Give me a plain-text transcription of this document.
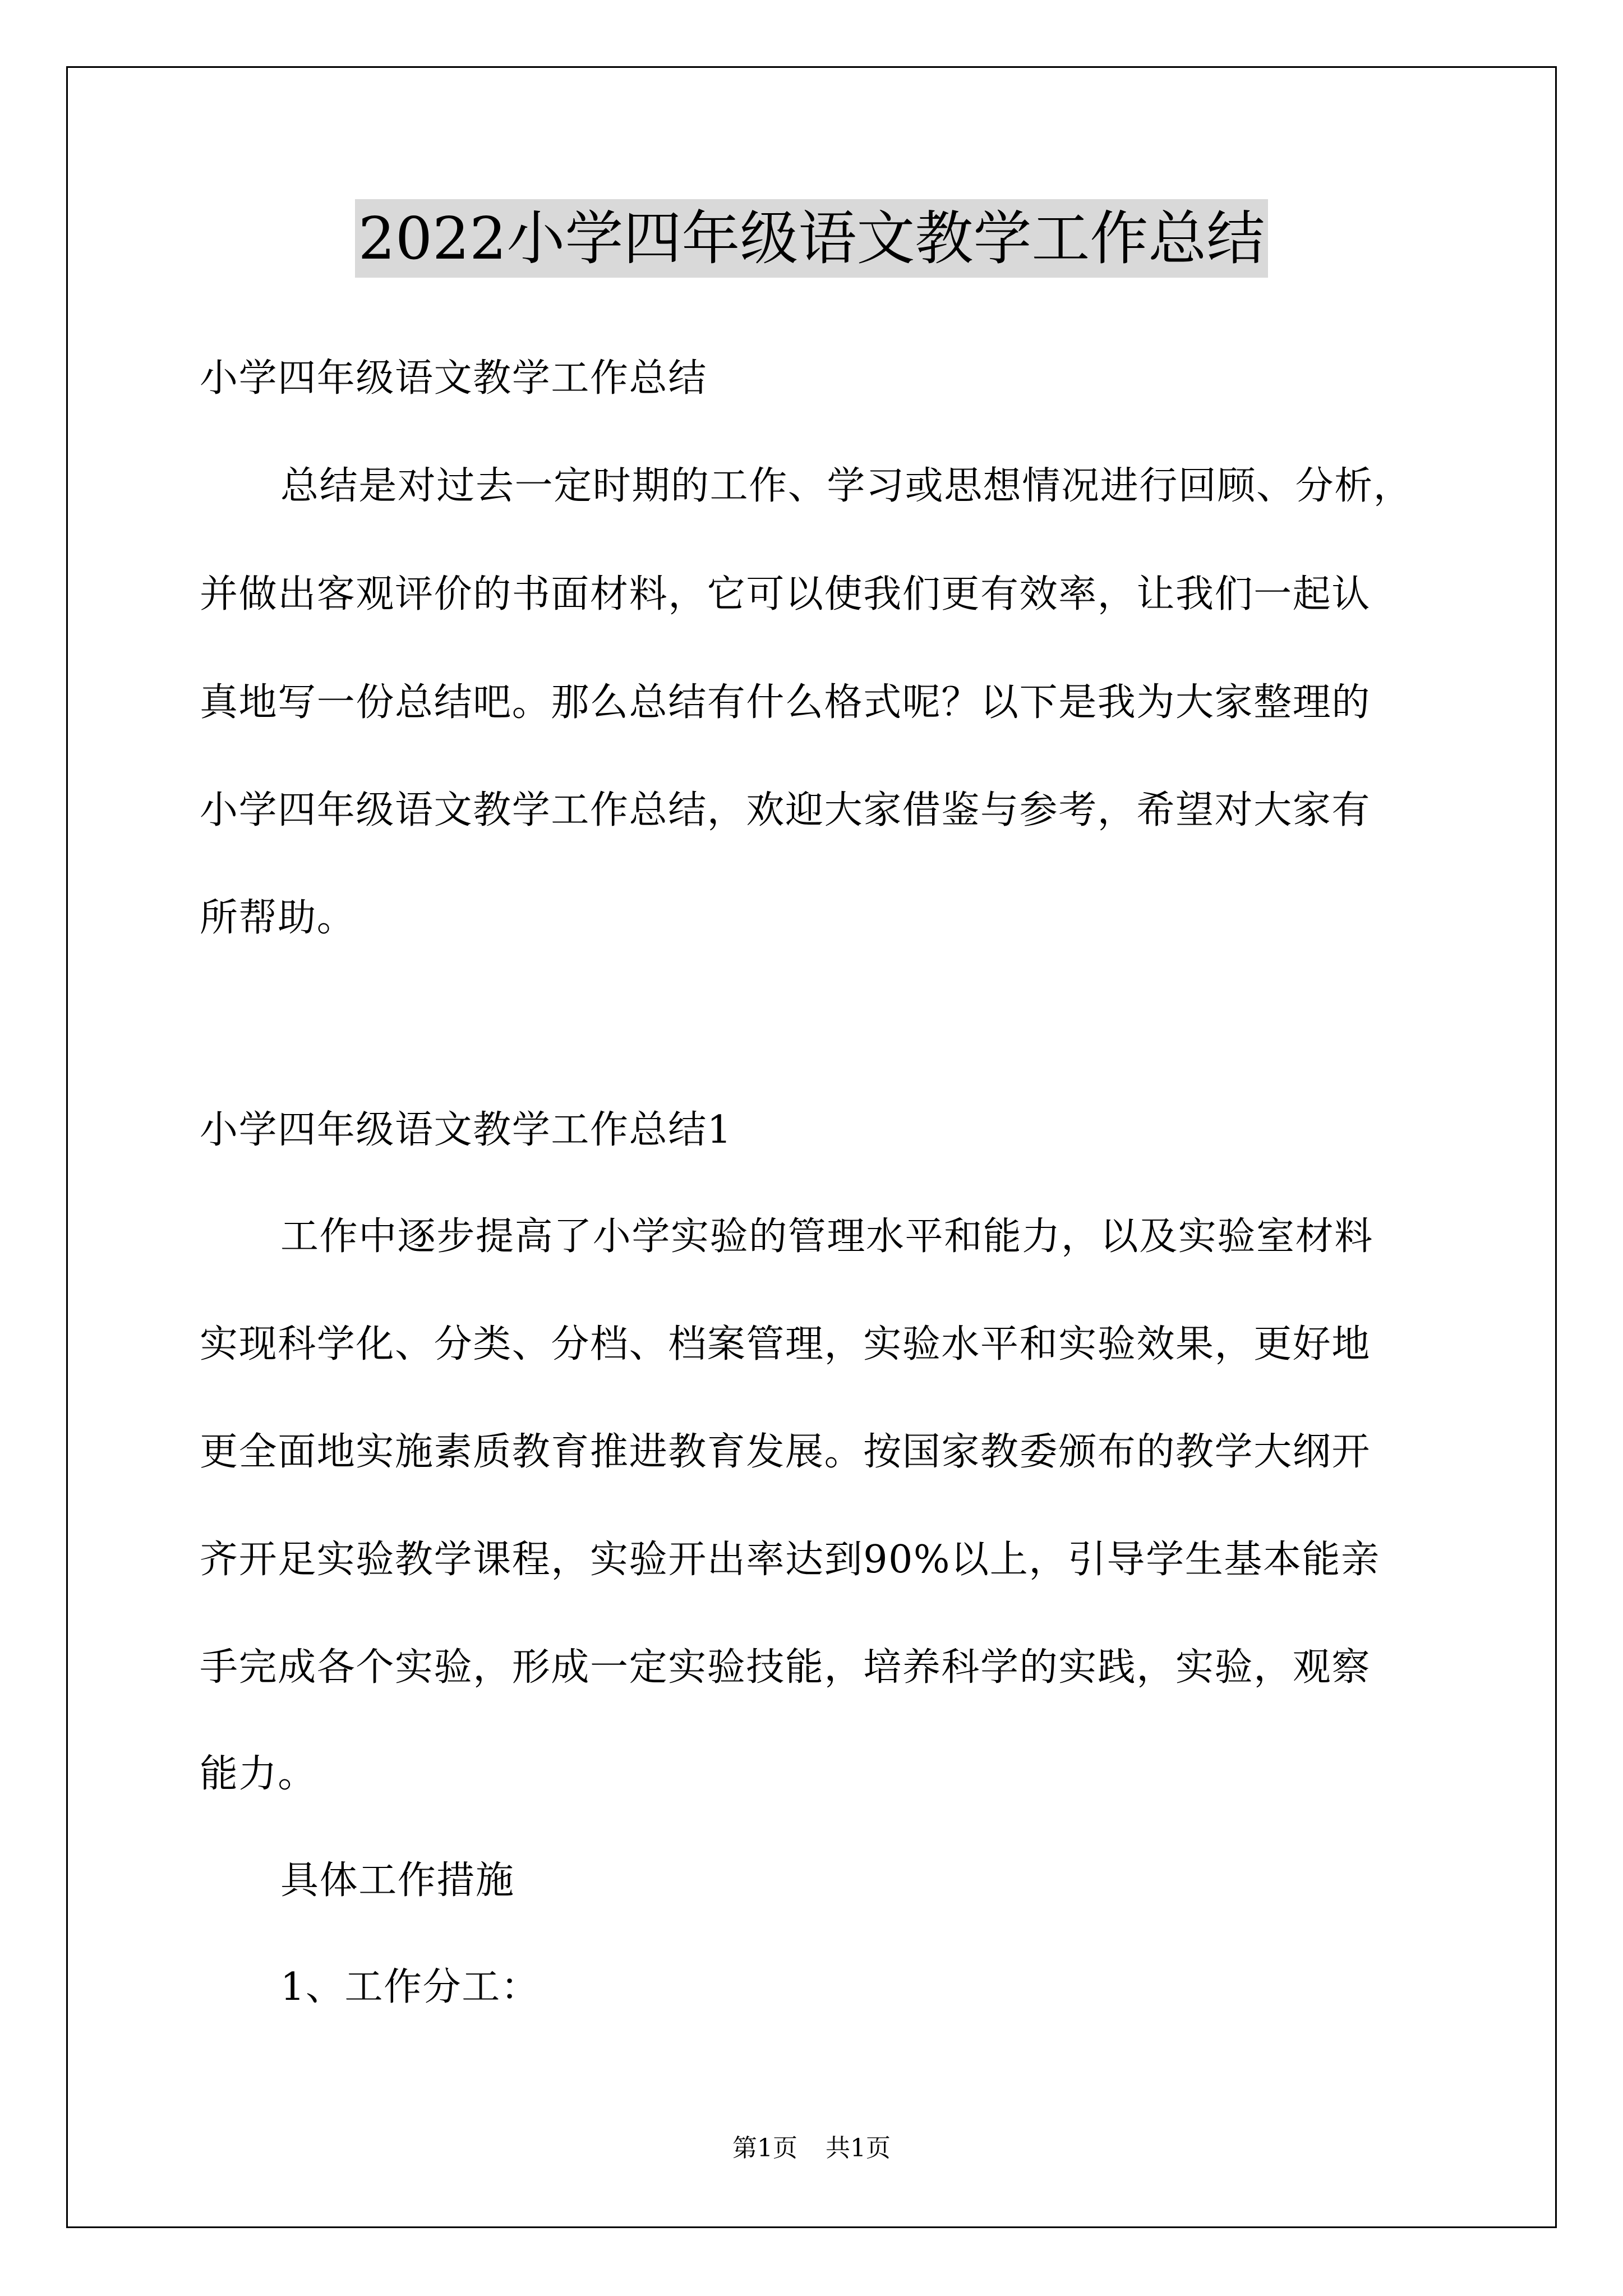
2022小学四年级语文教学工作总结
小学四年级语文教学工作总结
总结是对过去一定时期的工作、学习或思想情况进行回顾、分析，
并做出客观评价的书面材料，它可以使我们更有效率，让我们一起认
真地写一份总结吧。那么总结有什么格式呢？以下是我为大家整理的
小学四年级语文教学工作总结，欢迎大家借鉴与参考，希望对大家有
所帮助。
小学四年级语文教学工作总结1
工作中逐步提高了小学实验的管理水平和能力，以及实验室材料
实现科学化、分类、分档、档案管理，实验水平和实验效果，更好地
更全面地实施素质教育推进教育发展。按国家教委颁布的教学大纲开
齐开足实验教学课程，实验开出率达到90%以上，引导学生基本能亲
手完成各个实验，形成一定实验技能，培养科学的实践，实验，观察
能力。
具体工作措施
1、工作分工：
第1页 共1页
